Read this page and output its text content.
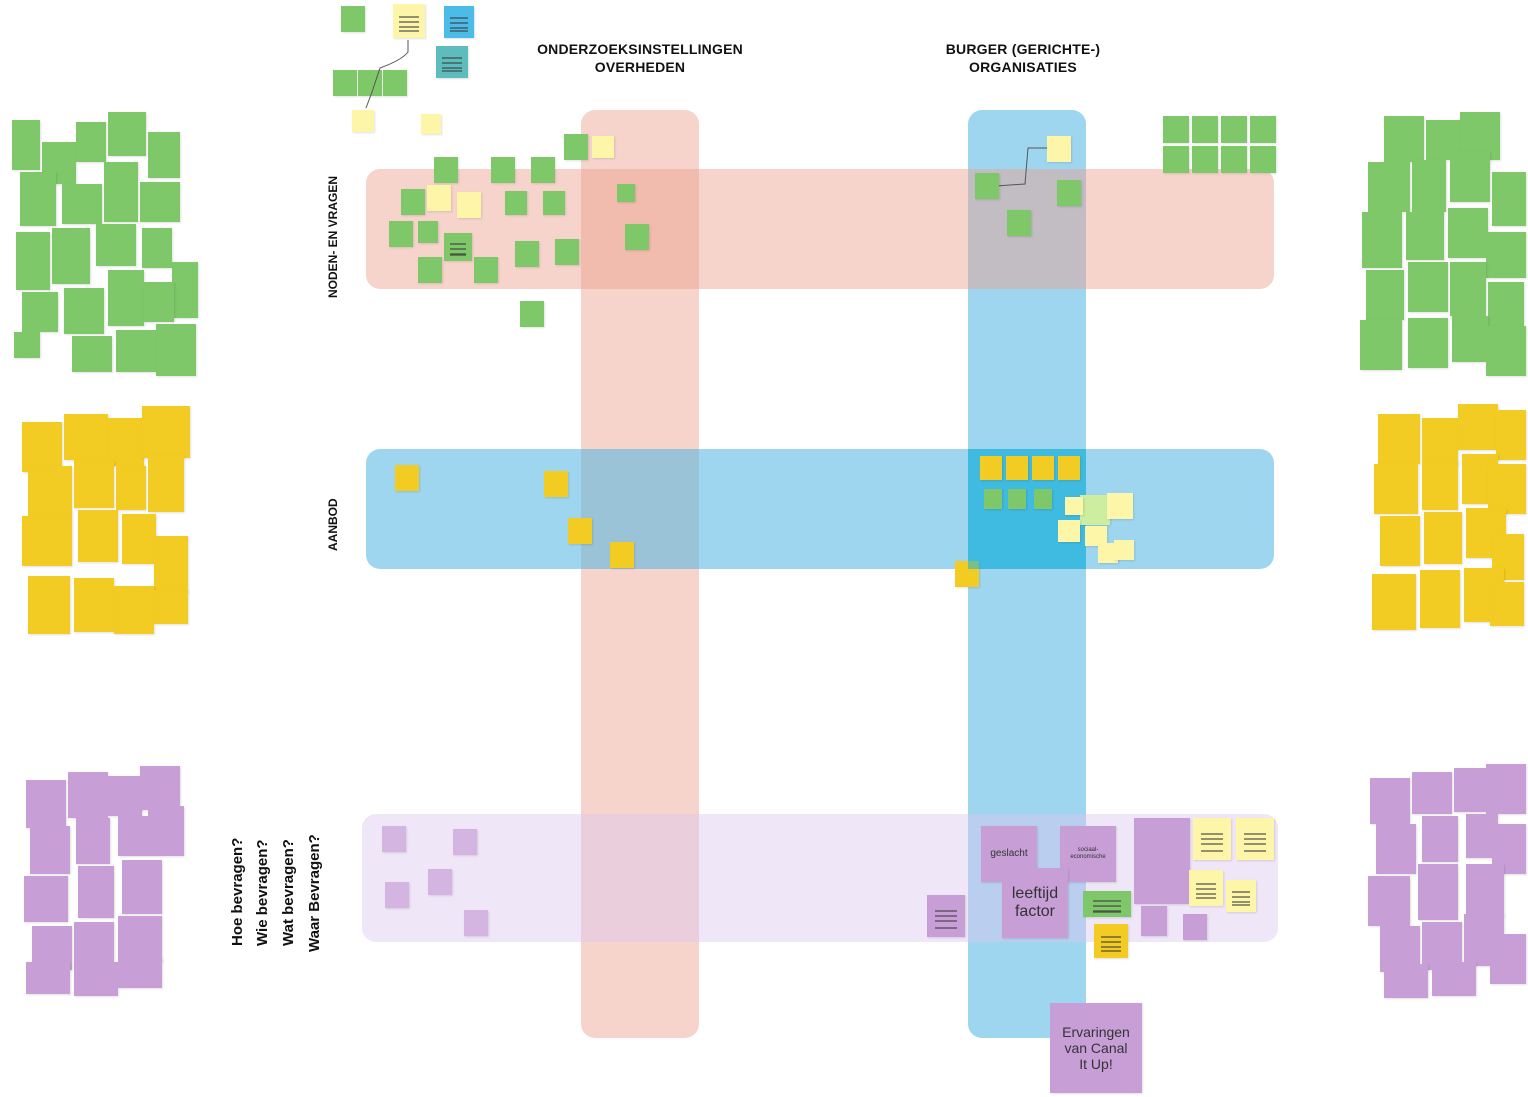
ONDERZOEKSINSTELLINGEN
OVERHEDEN
BURGER (GERICHTE-)
ORGANISATIES
NODEN- EN VRAGEN
AANBOD
Hoe bevragen? Wie bevragen? Wat bevragen? Waar Bevragen?	geslacht	sociaal- economische
leeftijd
factor
Ervaringen
van Canal
It Up!
